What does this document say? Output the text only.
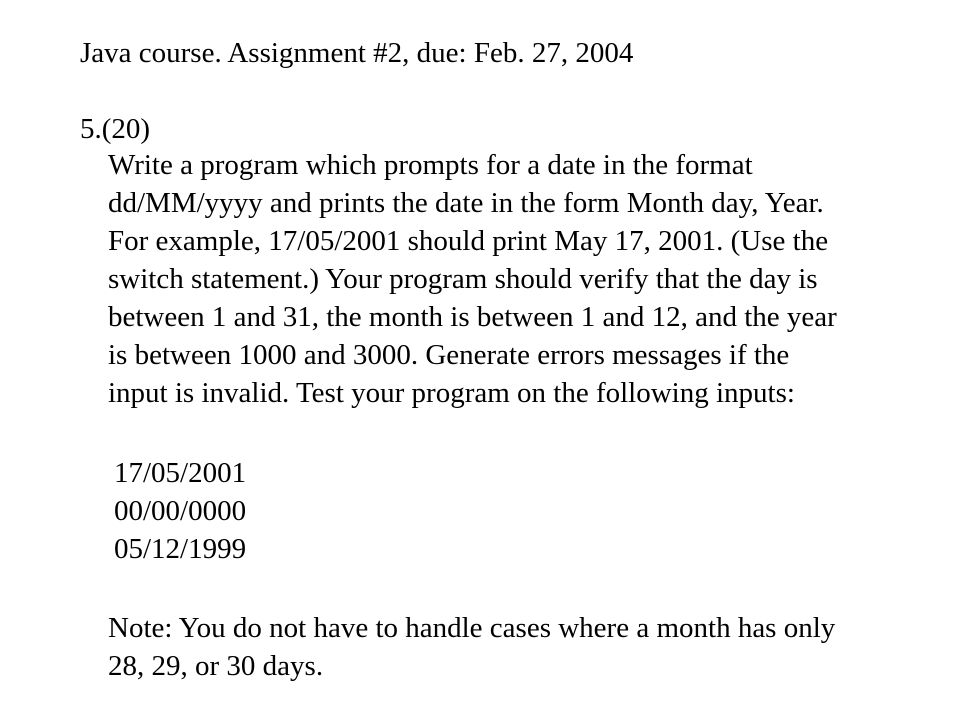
Java course. Assignment #2, due: Feb. 27, 2004
5.(20)
Write a program which prompts for a date in the format
dd/MM/yyyy and prints the date in the form Month day, Year.
For example, 17/05/2001 should print May 17, 2001. (Use the
switch statement.) Your program should verify that the day is
between 1 and 31, the month is between 1 and 12, and the year
is between 1000 and 3000. Generate errors messages if the
input is invalid. Test your program on the following inputs:
17/05/2001
00/00/0000
05/12/1999
Note: You do not have to handle cases where a month has only
28, 29, or 30 days.
